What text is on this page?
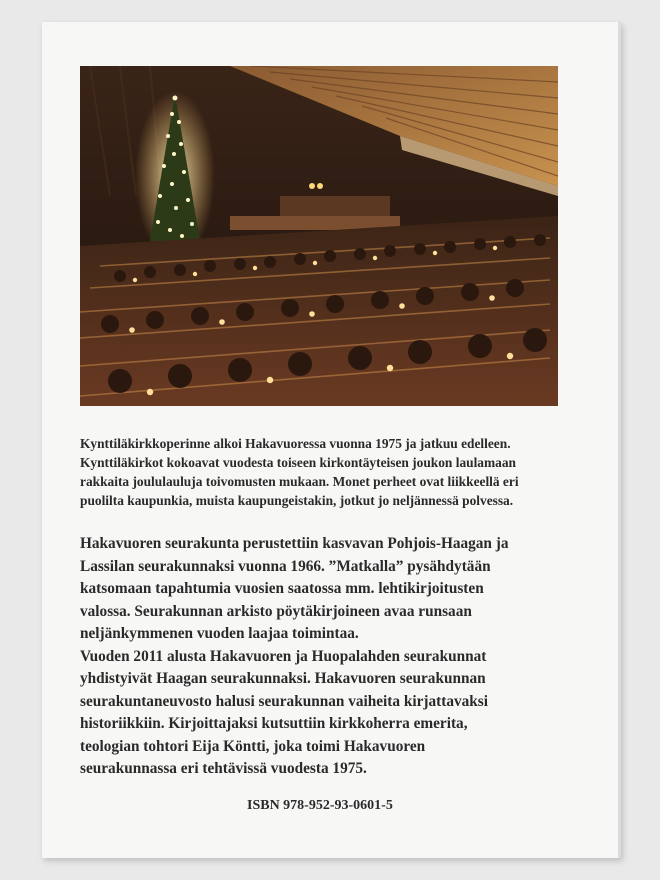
Kynttiläkirkkoperinne alkoi Hakavuoressa vuonna 1975 ja jatkuu edelleen.

Kynttiläkirkot kokoavat vuodesta toiseen kirkontäyteisen joukon laulamaan

rakkaita joululauluja toivomusten mukaan. Monet perheet ovat liikkeellä eri

puolilta kaupunkia, muista kaupungeistakin, jotkut jo neljännessä polvessa.

Hakavuoren seurakunta perustettiin kasvavan Pohjois-Haagan ja

Lassilan seurakunnaksi vuonna 1966. ”Matkalla” pysähdytään

katsomaan tapahtumia vuosien saatossa mm. lehtikirjoitusten

valossa. Seurakunnan arkisto pöytäkirjoineen avaa runsaan

neljänkymmenen vuoden laajaa toimintaa.

Vuoden 2011 alusta Hakavuoren ja Huopalahden seurakunnat

yhdistyivät Haagan seurakunnaksi. Hakavuoren seurakunnan

seurakuntaneuvosto halusi seurakunnan vaiheita kirjattavaksi

historiikkiin. Kirjoittajaksi kutsuttiin kirkkoherra emerita,

teologian tohtori Eija Köntti, joka toimi Hakavuoren

seurakunnassa eri tehtävissä vuodesta 1975.

ISBN 978-952-93-0601-5
